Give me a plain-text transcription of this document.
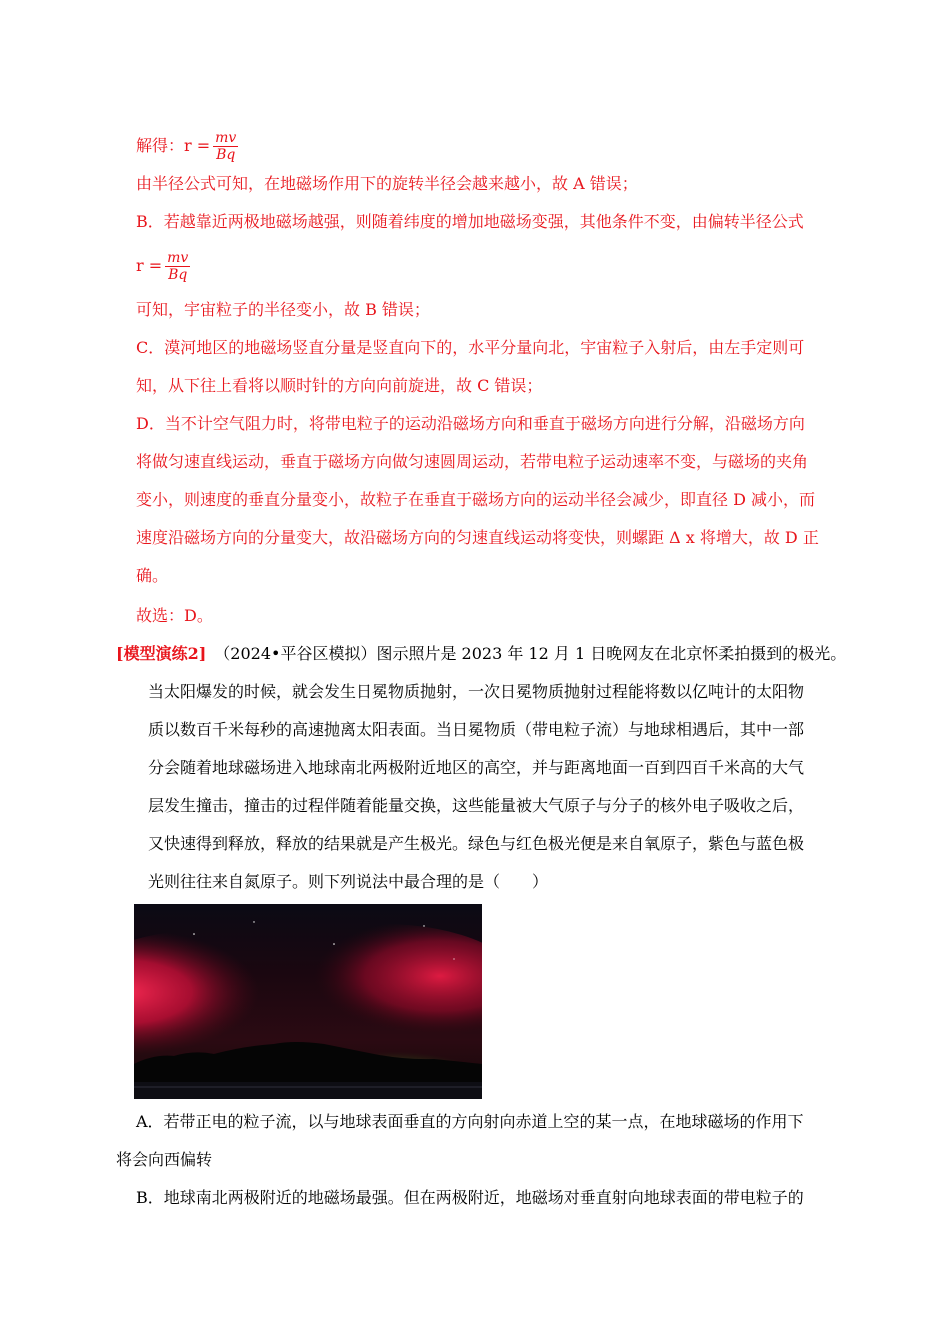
解得：$r = \frac{mv}{Bq}$
由半径公式可知，在地磁场作用下的旋转半径会越来越小，故 A 错误；
B．若越靠近两极地磁场越强，则随着纬度的增加地磁场变强，其他条件不变，由偏转半径公式
$r = \frac{mv}{Bq}$
可知，宇宙粒子的半径变小，故 B 错误；
C．漠河地区的地磁场竖直分量是竖直向下的，水平分量向北，宇宙粒子入射后，由左手定则可
知，从下往上看将以顺时针的方向向前旋进，故 C 错误；
D．当不计空气阻力时，将带电粒子的运动沿磁场方向和垂直于磁场方向进行分解，沿磁场方向
将做匀速直线运动，垂直于磁场方向做匀速圆周运动，若带电粒子运动速率不变，与磁场的夹角
变小，则速度的垂直分量变小，故粒子在垂直于磁场方向的运动半径会减少，即直径 D 减小，而
速度沿磁场方向的分量变大，故沿磁场方向的匀速直线运动将变快，则螺距 Δ x 将增大，故 D 正
确。
故选：D。
[模型演练2] （2024•平谷区模拟）图示照片是 2023 年 12 月 1 日晚网友在北京怀柔拍摄到的极光。
当太阳爆发的时候，就会发生日冕物质抛射，一次日冕物质抛射过程能将数以亿吨计的太阳物
质以数百千米每秒的高速抛离太阳表面。当日冕物质（带电粒子流）与地球相遇后，其中一部
分会随着地球磁场进入地球南北两极附近地区的高空，并与距离地面一百到四百千米高的大气
层发生撞击，撞击的过程伴随着能量交换，这些能量被大气原子与分子的核外电子吸收之后，
又快速得到释放，释放的结果就是产生极光。绿色与红色极光便是来自氧原子，紫色与蓝色极
光则往往来自氮原子。则下列说法中最合理的是（　　）
A．若带正电的粒子流，以与地球表面垂直的方向射向赤道上空的某一点，在地球磁场的作用下
将会向西偏转
B．地球南北两极附近的地磁场最强。但在两极附近，地磁场对垂直射向地球表面的带电粒子的
